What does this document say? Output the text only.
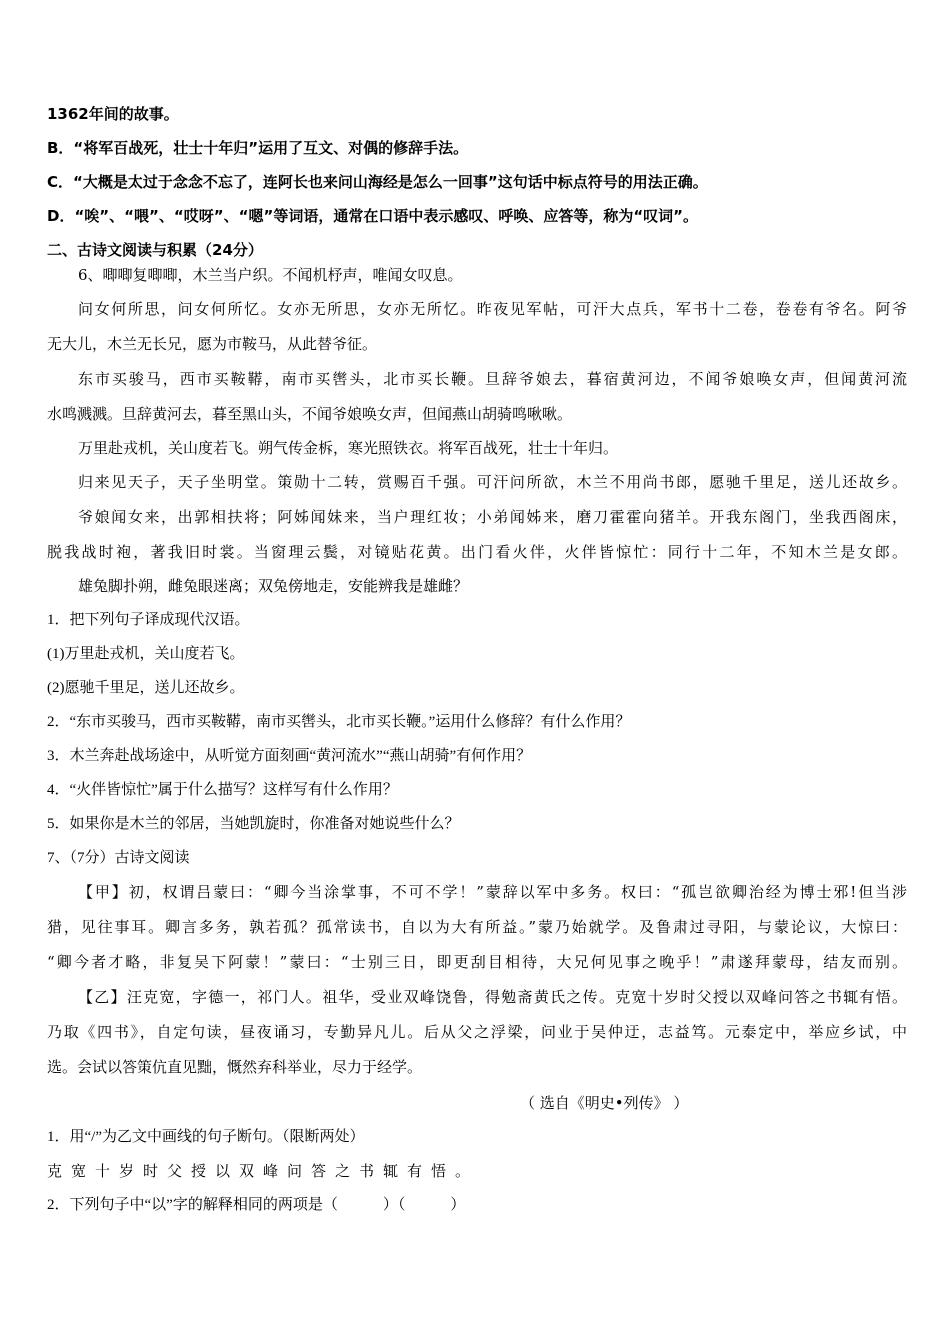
1362年间的故事。
B．“将军百战死，壮士十年归”运用了互文、对偶的修辞手法。
C．“大概是太过于念念不忘了，连阿长也来问山海经是怎么一回事”这句话中标点符号的用法正确。
D．“唉”、“喂”、“哎呀”、“嗯”等词语，通常在口语中表示感叹、呼唤、应答等，称为“叹词”。
二、古诗文阅读与积累（24分）
6、唧唧复唧唧，木兰当户织。不闻机杼声，唯闻女叹息。
问女何所思，问女何所忆。女亦无所思，女亦无所忆。昨夜见军帖，可汗大点兵，军书十二卷，卷卷有爷名。阿爷
无大儿，木兰无长兄，愿为市鞍马，从此替爷征。
东市买骏马，西市买鞍鞯，南市买辔头，北市买长鞭。旦辞爷娘去，暮宿黄河边，不闻爷娘唤女声，但闻黄河流
水鸣溅溅。旦辞黄河去，暮至黑山头，不闻爷娘唤女声，但闻燕山胡骑鸣啾啾。
万里赴戎机，关山度若飞。朔气传金柝，寒光照铁衣。将军百战死，壮士十年归。
归来见天子，天子坐明堂。策勋十二转，赏赐百千强。可汗问所欲，木兰不用尚书郎，愿驰千里足，送儿还故乡。
爷娘闻女来，出郭相扶将；阿姊闻妹来，当户理红妆；小弟闻姊来，磨刀霍霍向猪羊。开我东阁门，坐我西阁床，
脱我战时袍，著我旧时裳。当窗理云鬓，对镜贴花黄。出门看火伴，火伴皆惊忙：同行十二年，不知木兰是女郎。
雄兔脚扑朔，雌兔眼迷离；双兔傍地走，安能辨我是雄雌？
1．把下列句子译成现代汉语。
(1)万里赴戎机，关山度若飞。
(2)愿驰千里足，送儿还故乡。
2．“东市买骏马，西市买鞍鞯，南市买辔头，北市买长鞭。”运用什么修辞？有什么作用？
3．木兰奔赴战场途中，从听觉方面刻画“黄河流水”“燕山胡骑”有何作用？
4．“火伴皆惊忙”属于什么描写？这样写有什么作用？
5．如果你是木兰的邻居，当她凯旋时，你准备对她说些什么？
7、（7分）古诗文阅读
【甲】初，权谓吕蒙曰：“卿今当涂掌事，不可不学！”蒙辞以军中多务。权曰：“孤岂欲卿治经为博士邪!但当涉
猎，见往事耳。卿言多务，孰若孤？孤常读书，自以为大有所益。”蒙乃始就学。及鲁肃过寻阳，与蒙论议，大惊曰：
“卿今者才略，非复吴下阿蒙！”蒙曰：“士别三日，即更刮目相待，大兄何见事之晚乎！”肃遂拜蒙母，结友而别。
【乙】汪克宽，字德一，祁门人。祖华，受业双峰饶鲁，得勉斋黄氏之传。克宽十岁时父授以双峰问答之书辄有悟。
乃取《四书》，自定句读，昼夜诵习，专勤异凡儿。后从父之浮梁，问业于吴仲迂，志益笃。元泰定中，举应乡试，中
选。会试以答策伉直见黜，慨然弃科举业，尽力于经学。
（ 选自《明史•列传》 ）
1．用“/”为乙文中画线的句子断句。（限断两处）
克宽十岁时父授以双峰问答之书辄有悟。
2．下列句子中“以”字的解释相同的两项是（　　　）（　　　）
